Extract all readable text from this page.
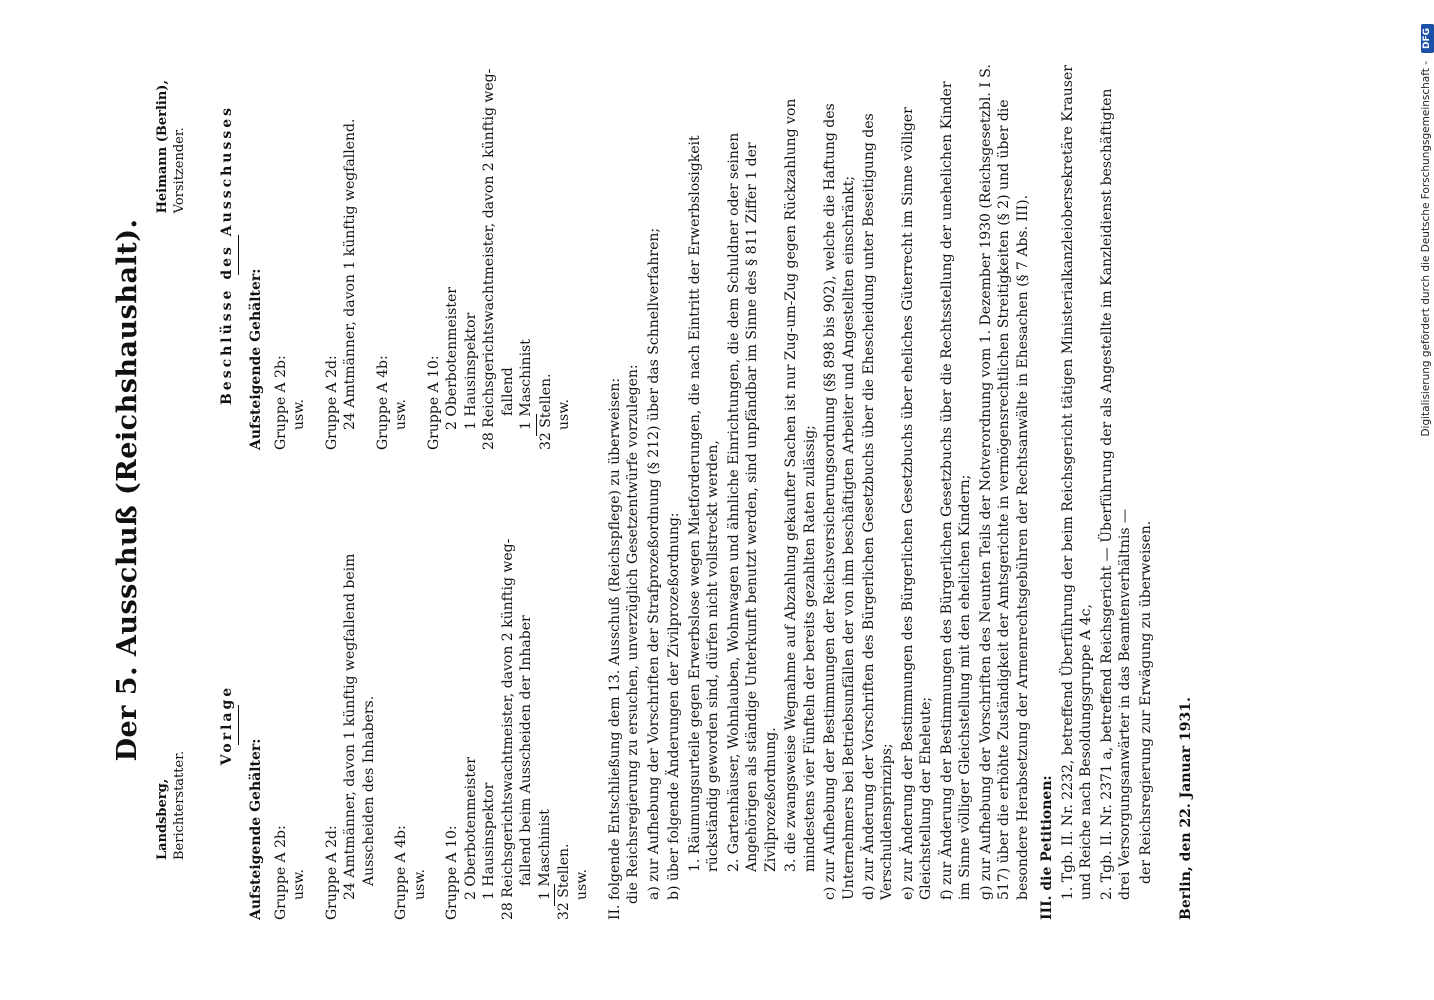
Digitalisierung gefördert durch die Deutsche Forschungsgemeinschaft -
DFG
Der 5. Ausschuß (Reichshaushalt).
Landsberg, Berichterstatter.
Heimann (Berlin), Vorsitzender.
Vorlage
Aufsteigende Gehälter: Gruppe A 2b: usw. Gruppe A 2d: 24 Amtmänner, davon 1 künftig wegfallend beim Ausscheiden des Inhabers. Gruppe A 4b: usw. Gruppe A 10: 2 Oberbotenmeister 1 Hausinspektor 28 Reichsgerichtswachtmeister, davon 2 künftig weg- fallend beim Ausscheiden der Inhaber 1 Maschinist 32 Stellen. usw.
Beschlüsse des Ausschusses Aufsteigende Gehälter: Gruppe A 2b: usw. Gruppe A 2d: 24 Amtmänner, davon 1 künftig wegfallend. Gruppe A 4b: usw. Gruppe A 10: 2 Oberbotenmeister 1 Hausinspektor 28 Reichsgerichtswachtmeister, davon 2 künftig weg- fallend 1 Maschinist 32 Stellen. usw. II. folgende Entschließung dem 13. Ausschuß (Reichspflege) zu überweisen: die Reichsregierung zu ersuchen, unverzüglich Gesetzentwürfe vorzulegen: a) zur Aufhebung der Vorschriften der Strafprozeßordnung (§ 212) über das Schnellverfahren; b) über folgende Änderungen der Zivilprozeßordnung: 1. Räumungsurteile gegen Erwerbslose wegen Mietforderungen, die nach Eintritt der Erwerbslosigkeit rückständig geworden sind, dürfen nicht vollstreckt werden, 2. Gartenhäuser, Wohnlauben, Wohnwagen und ähnliche Einrichtungen, die dem Schuldner oder seinen Angehörigen als ständige Unterkunft benutzt werden, sind unpfändbar im Sinne des § 811 Ziffer 1 der Zivilprozeßordnung. 3. die zwangsweise Wegnahme auf Abzahlung gekaufter Sachen ist nur Zug-um-Zug gegen Rückzahlung von mindestens vier Fünfteln der bereits gezahlten Raten zulässig; c) zur Aufhebung der Bestimmungen der Reichsversicherungsordnung (§§ 898 bis 902), welche die Haftung des Unternehmers bei Betriebsunfällen der von ihm beschäftigten Arbeiter und Angestellten einschränkt; d) zur Änderung der Vorschriften des Bürgerlichen Gesetzbuchs über die Ehescheidung unter Beseitigung des Verschuldensprinzips; e) zur Änderung der Bestimmungen des Bürgerlichen Gesetzbuchs über eheliches Güterrecht im Sinne völliger Gleichstellung der Eheleute; f) zur Änderung der Bestimmungen des Bürgerlichen Gesetzbuchs über die Rechtsstellung der unehelichen Kinder im Sinne völliger Gleichstellung mit den ehelichen Kindern; g) zur Aufhebung der Vorschriften des Neunten Teils der Notverordnung vom 1. Dezember 1930 (Reichsgesetzbl. I S. 517) über die erhöhte Zuständigkeit der Amtsgerichte in vermögensrechtlichen Streitigkeiten (§ 2) und über die besondere Herabsetzung der Armenrechtsgebühren der Rechtsanwälte in Ehesachen (§ 7 Abs. III). III. die Petitionen: 1. Tgb. II. Nr. 2232, betreffend Überführung der beim Reichsgericht tätigen Ministerialkanzleiobersekretäre Krauser und Reiche nach Besoldungsgruppe A 4c, 2. Tgb. II. Nr. 2371 a, betreffend Reichsgericht — Überführung der als Angestellte im Kanzleidienst beschäftigten drei Versorgungsanwärter in das Beamtenverhältnis — der Reichsregierung zur Erwägung zu überweisen. Berlin, den 22. Januar 1931.
